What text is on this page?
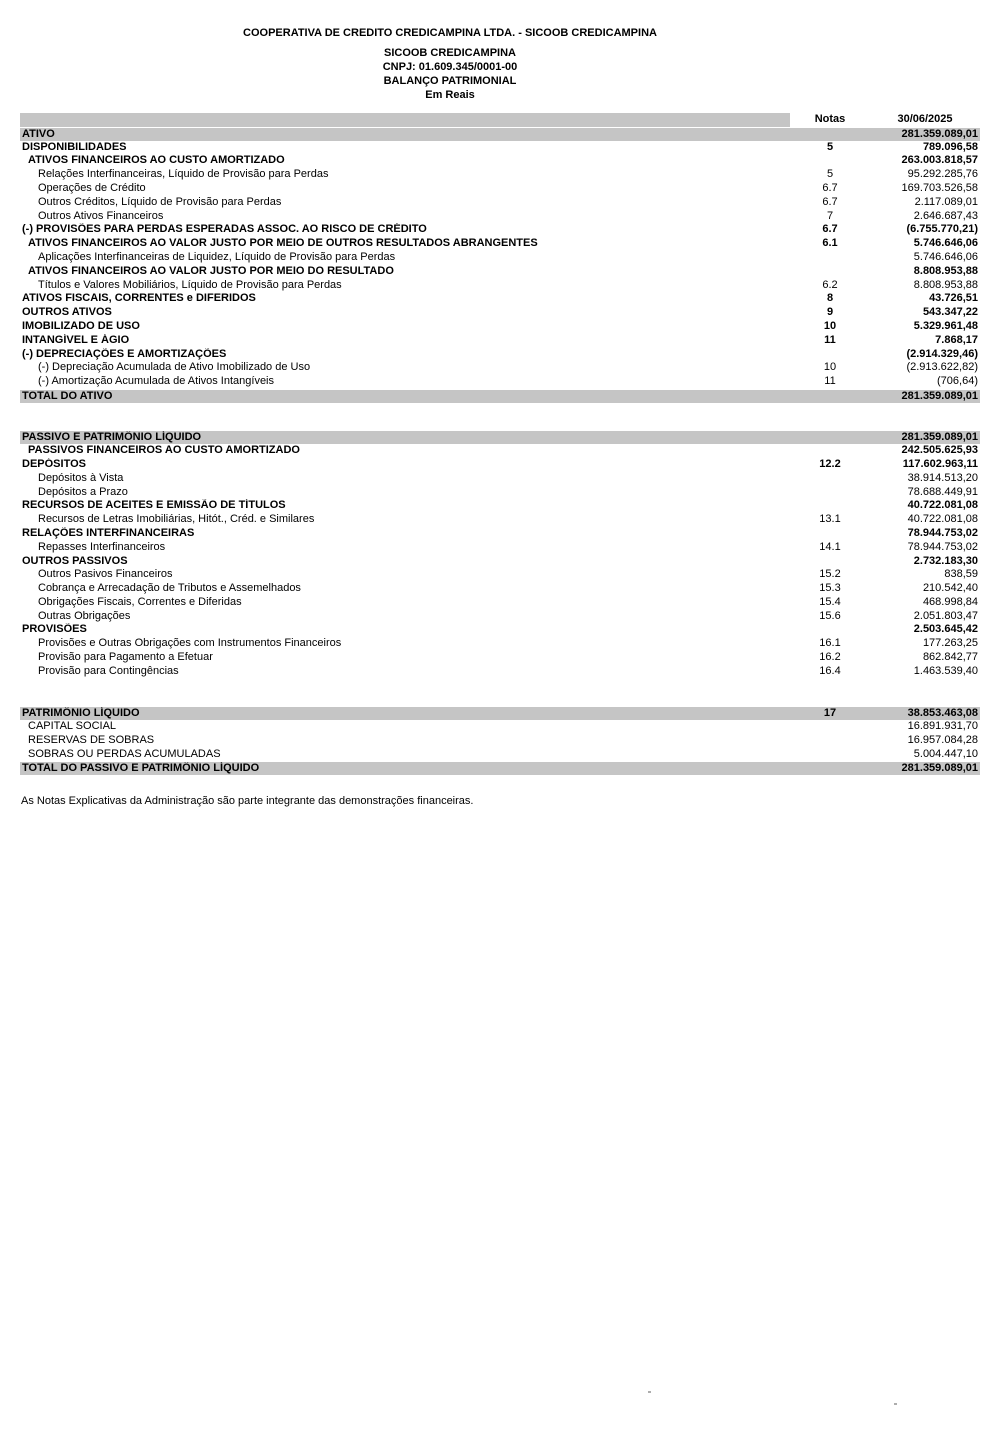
COOPERATIVA DE CREDITO CREDICAMPINA LTDA. - SICOOB CREDICAMPINA
SICOOB CREDICAMPINA
CNPJ: 01.609.345/0001-00
BALANÇO PATRIMONIAL
Em Reais
Notas	30/06/2025
ATIVO	281.359.089,01
DISPONIBILIDADES	5	789.096,58
ATIVOS FINANCEIROS AO CUSTO AMORTIZADO	263.003.818,57
Relações Interfinanceiras, Líquido de Provisão para Perdas	5	95.292.285,76
Operações de Crédito	6.7	169.703.526,58
Outros Créditos, Líquido de Provisão para Perdas	6.7	2.117.089,01
Outros Ativos Financeiros	7	2.646.687,43
(-) PROVISÕES PARA PERDAS ESPERADAS ASSOC. AO RISCO DE CRÉDITO	6.7	(6.755.770,21)
ATIVOS FINANCEIROS AO VALOR JUSTO POR MEIO DE OUTROS RESULTADOS ABRANGENTES	6.1	5.746.646,06
Aplicações Interfinanceiras de Liquidez, Líquido de Provisão para Perdas	5.746.646,06
ATIVOS FINANCEIROS AO VALOR JUSTO POR MEIO DO RESULTADO	8.808.953,88
Títulos e Valores Mobiliários, Líquido de Provisão para Perdas	6.2	8.808.953,88
ATIVOS FISCAIS, CORRENTES e DIFERIDOS	8	43.726,51
OUTROS ATIVOS	9	543.347,22
IMOBILIZADO DE USO	10	5.329.961,48
INTANGÍVEL E ÁGIO	11	7.868,17
(-) DEPRECIAÇÕES E AMORTIZAÇÕES	(2.914.329,46)
(-) Depreciação Acumulada de Ativo Imobilizado de Uso	10	(2.913.622,82)
(-) Amortização Acumulada de Ativos Intangíveis	11	(706,64)
TOTAL DO ATIVO	281.359.089,01
PASSIVO E PATRIMÔNIO LÍQUIDO	281.359.089,01
PASSIVOS FINANCEIROS AO CUSTO AMORTIZADO	242.505.625,93
DEPÓSITOS	12.2	117.602.963,11
Depósitos à Vista	38.914.513,20
Depósitos a Prazo	78.688.449,91
RECURSOS DE ACEITES E EMISSÃO DE TÍTULOS	40.722.081,08
Recursos de Letras Imobiliárias, Hitót., Créd. e Similares	13.1	40.722.081,08
RELAÇÕES INTERFINANCEIRAS	78.944.753,02
Repasses Interfinanceiros	14.1	78.944.753,02
OUTROS PASSIVOS	2.732.183,30
Outros Pasivos Financeiros	15.2	838,59
Cobrança e Arrecadação de Tributos e Assemelhados	15.3	210.542,40
Obrigações Fiscais, Correntes e Diferidas	15.4	468.998,84
Outras Obrigações	15.6	2.051.803,47
PROVISÕES	2.503.645,42
Provisões e Outras Obrigações com Instrumentos Financeiros	16.1	177.263,25
Provisão para Pagamento a Efetuar	16.2	862.842,77
Provisão para Contingências	16.4	1.463.539,40
PATRIMÔNIO LÍQUIDO	17	38.853.463,08
CAPITAL SOCIAL	16.891.931,70
RESERVAS DE SOBRAS	16.957.084,28
SOBRAS OU PERDAS ACUMULADAS	5.004.447,10
TOTAL DO PASSIVO E PATRIMÔNIO LÍQUIDO	281.359.089,01
As Notas Explicativas da Administração são parte integrante das demonstrações financeiras.
